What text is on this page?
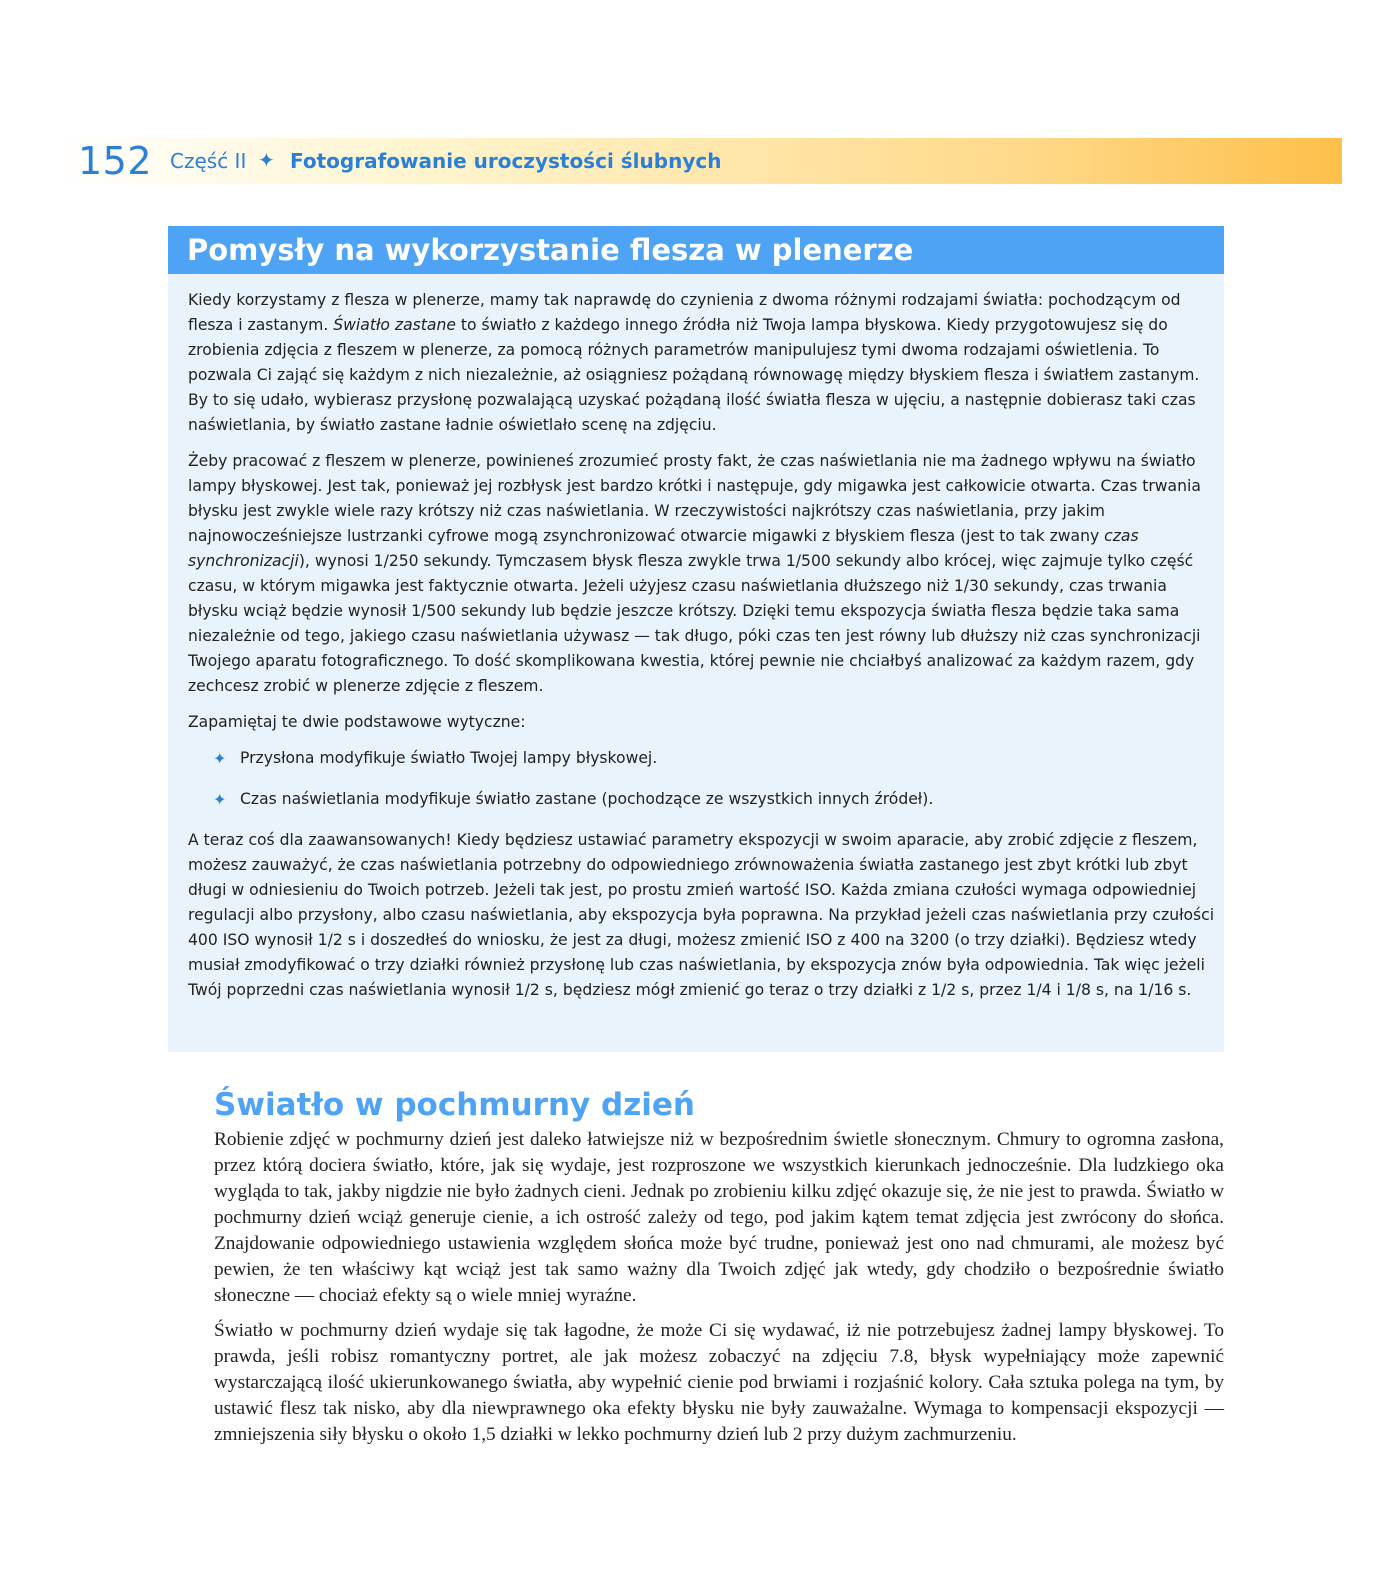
152 Część II ✦ Fotografowanie uroczystości ślubnych
Pomysły na wykorzystanie flesza w plenerze

Kiedy korzystamy z flesza w plenerze, mamy tak naprawdę do czynienia z dwoma różnymi rodzajami światła: pochodzącym od flesza i zastanym. Światło zastane to światło z każdego innego źródła niż Twoja lampa błyskowa. Kiedy przygotowujesz się do zrobienia zdjęcia z fleszem w plenerze, za pomocą różnych parametrów manipulujesz tymi dwoma rodzajami oświetlenia. To pozwala Ci zająć się każdym z nich niezależnie, aż osiągniesz pożądaną równowagę między błyskiem flesza i światłem zastanym. By to się udało, wybierasz przysłonę pozwalającą uzyskać pożądaną ilość światła flesza w ujęciu, a następnie dobierasz taki czas naświetlania, by światło zastane ładnie oświetlało scenę na zdjęciu.

Żeby pracować z fleszem w plenerze, powinieneś zrozumieć prosty fakt, że czas naświetlania nie ma żadnego wpływu na światło lampy błyskowej. Jest tak, ponieważ jej rozbłysk jest bardzo krótki i następuje, gdy migawka jest całkowicie otwarta. Czas trwania błysku jest zwykle wiele razy krótszy niż czas naświetlania. W rzeczywistości najkrótszy czas naświetlania, przy jakim najnowocześniejsze lustrzanki cyfrowe mogą zsynchronizować otwarcie migawki z błyskiem flesza (jest to tak zwany czas synchronizacji), wynosi 1/250 sekundy. Tymczasem błysk flesza zwykle trwa 1/500 sekundy albo krócej, więc zajmuje tylko część czasu, w którym migawka jest faktycznie otwarta. Jeżeli użyjesz czasu naświetlania dłuższego niż 1/30 sekundy, czas trwania błysku wciąż będzie wynosił 1/500 sekundy lub będzie jeszcze krótszy. Dzięki temu ekspozycja światła flesza będzie taka sama niezależnie od tego, jakiego czasu naświetlania używasz — tak długo, póki czas ten jest równy lub dłuższy niż czas synchronizacji Twojego aparatu fotograficznego. To dość skomplikowana kwestia, której pewnie nie chciałbyś analizować za każdym razem, gdy zechcesz zrobić w plenerze zdjęcie z fleszem.

Zapamiętaj te dwie podstawowe wytyczne:

✦ Przysłona modyfikuje światło Twojej lampy błyskowej.
✦ Czas naświetlania modyfikuje światło zastane (pochodzące ze wszystkich innych źródeł).

A teraz coś dla zaawansowanych! Kiedy będziesz ustawiać parametry ekspozycji w swoim aparacie, aby zrobić zdjęcie z fleszem, możesz zauważyć, że czas naświetlania potrzebny do odpowiedniego zrównoważenia światła zastanego jest zbyt krótki lub zbyt długi w odniesieniu do Twoich potrzeb. Jeżeli tak jest, po prostu zmień wartość ISO. Każda zmiana czułości wymaga odpowiedniej regulacji albo przysłony, albo czasu naświetlania, aby ekspozycja była poprawna. Na przykład jeżeli czas naświetlania przy czułości 400 ISO wynosił 1/2 s i doszedłeś do wniosku, że jest za długi, możesz zmienić ISO z 400 na 3200 (o trzy działki). Będziesz wtedy musiał zmodyfikować o trzy działki również przysłonę lub czas naświetlania, by ekspozycja znów była odpowiednia. Tak więc jeżeli Twój poprzedni czas naświetlania wynosił 1/2 s, będziesz mógł zmienić go teraz o trzy działki z 1/2 s, przez 1/4 i 1/8 s, na 1/16 s.

Światło w pochmurny dzień

Robienie zdjęć w pochmurny dzień jest daleko łatwiejsze niż w bezpośrednim świetle słonecznym. Chmury to ogromna zasłona, przez którą dociera światło, które, jak się wydaje, jest rozproszone we wszystkich kierunkach jednocześnie. Dla ludzkiego oka wygląda to tak, jakby nigdzie nie było żadnych cieni. Jednak po zrobieniu kilku zdjęć okazuje się, że nie jest to prawda. Światło w pochmurny dzień wciąż generuje cienie, a ich ostrość zależy od tego, pod jakim kątem temat zdjęcia jest zwrócony do słońca. Znajdowanie odpowiedniego ustawienia względem słońca może być trudne, ponieważ jest ono nad chmurami, ale możesz być pewien, że ten właściwy kąt wciąż jest tak samo ważny dla Twoich zdjęć jak wtedy, gdy chodziło o bezpośrednie światło słoneczne — chociaż efekty są o wiele mniej wyraźne.

Światło w pochmurny dzień wydaje się tak łagodne, że może Ci się wydawać, iż nie potrzebujesz żadnej lampy błyskowej. To prawda, jeśli robisz romantyczny portret, ale jak możesz zobaczyć na zdjęciu 7.8, błysk wypełniający może zapewnić wystarczającą ilość ukierunkowanego światła, aby wypełnić cienie pod brwiami i rozjaśnić kolory. Cała sztuka polega na tym, by ustawić flesz tak nisko, aby dla niewprawnego oka efekty błysku nie były zauważalne. Wymaga to kompensacji ekspozycji — zmniejszenia siły błysku o około 1,5 działki w lekko pochmurny dzień lub 2 przy dużym zachmurzeniu.
